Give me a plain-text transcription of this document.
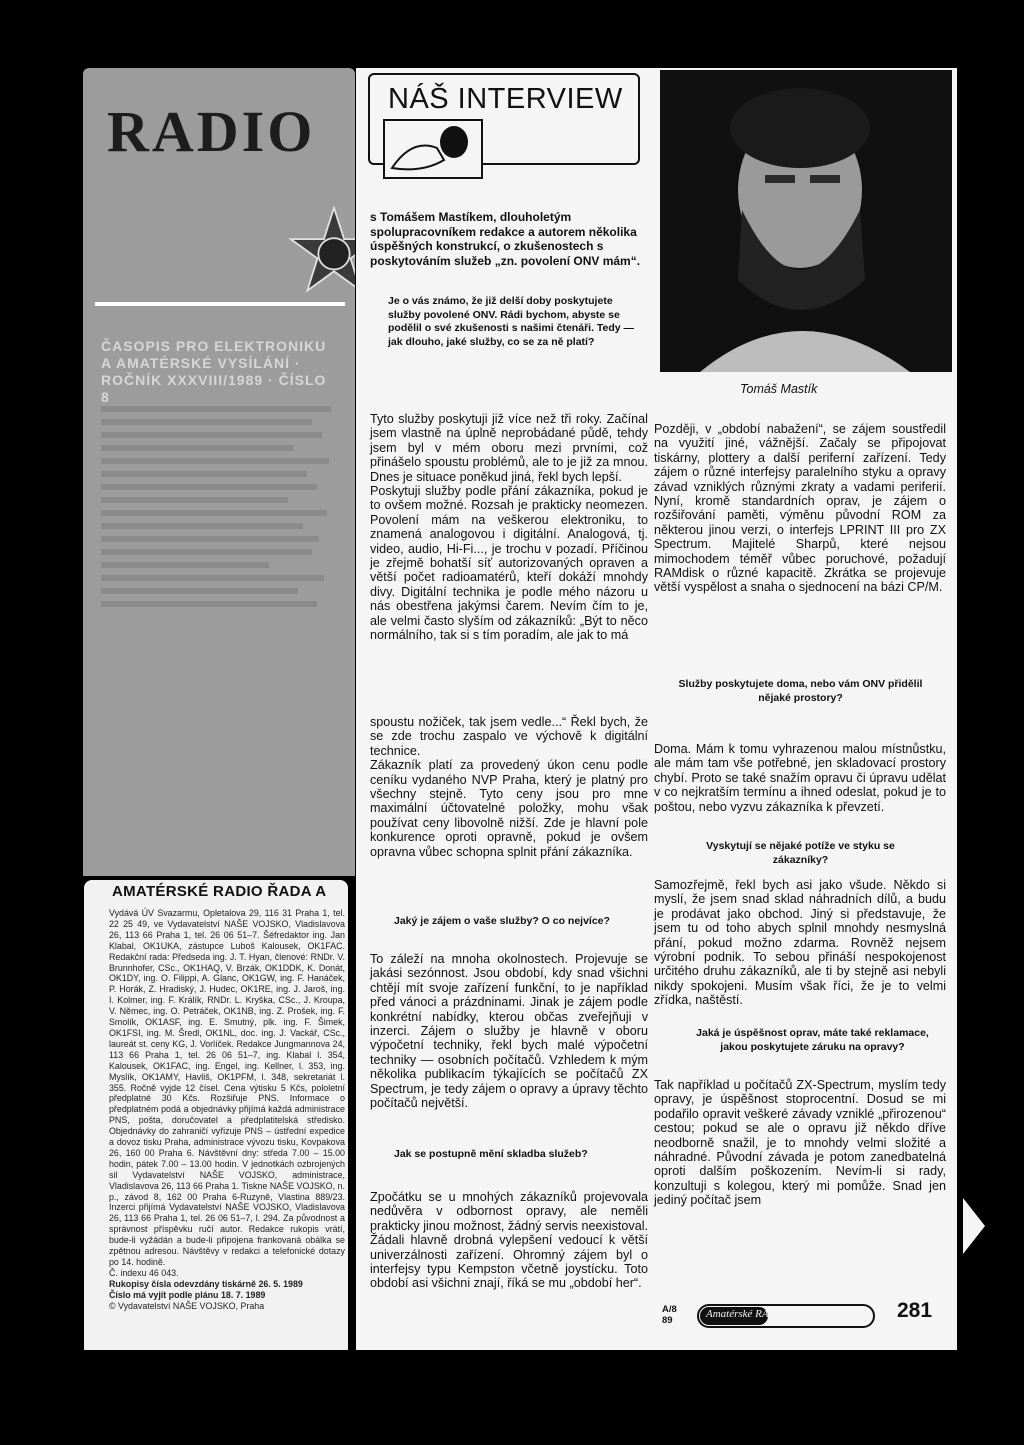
RADIO
ČASOPIS PRO ELEKTRONIKU A AMATÉRSKÉ VYSÍLÁNÍ · ROČNÍK XXXVIII/1989 · ČÍSLO 8
AMATÉRSKÉ RADIO ŘADA A
Vydává ÚV Svazarmu, Opletalova 29, 116 31 Praha 1, tel. 22 25 49, ve Vydavatelství NAŠE VOJSKO, Vladislavova 26, 113 66 Praha 1, tel. 26 06 51–7. Šéfredaktor ing. Jan Klabal, OK1UKA, zástupce Luboš Kalousek, OK1FAC. Redakční rada: Předseda ing. J. T. Hyan, členové: RNDr. V. Brunnhofer, CSc., OK1HAQ, V. Brzák, OK1DDK, K. Donát, OK1DY, ing. O. Filippi, A. Glanc, OK1GW, ing. F. Hanáček, P. Horák, Z. Hradiský, J. Hudec, OK1RE, ing. J. Jaroš, ing. I. Kolmer, ing. F. Králík, RNDr. L. Kryška, CSc., J. Kroupa, V. Němec, ing. O. Petráček, OK1NB, ing. Z. Prošek, ing. F. Smolík, OK1ASF, ing. E. Smutný, plk. ing. F. Šimek, OK1FSI, ing. M. Šredl, OK1NL, doc. ing. J. Vackář, CSc., laureát st. ceny KG, J. Vorlíček. Redakce Jungmannova 24, 113 66 Praha 1, tel. 26 06 51–7, ing. Klabal l. 354, Kalousek, OK1FAC, ing. Engel, ing. Kellner, l. 353, ing. Myslík, OK1AMY, Havliš, OK1PFM, l. 348, sekretariát l. 355. Ročně vyjde 12 čísel. Cena výtisku 5 Kčs, pololetní předplatné 30 Kčs. Rozšiřuje PNS. Informace o předplatném podá a objednávky přijímá každá administrace PNS, pošta, doručovatel a předplatitelská středisko. Objednávky do zahraničí vyřizuje PNS – ústřední expedice a dovoz tisku Praha, administrace vývozu tisku, Kovpakova 26, 160 00 Praha 6. Návštěvní dny: středa 7.00 – 15.00 hodin, pátek 7.00 – 13.00 hodin. V jednotkách ozbrojených sil Vydavatelství NAŠE VOJSKO, administrace, Vladislavova 26, 113 66 Praha 1. Tiskne NAŠE VOJSKO, n. p., závod 8, 162 00 Praha 6-Ruzyně, Vlastina 889/23. Inzerci přijímá Vydavatelství NAŠE VOJSKO, Vladislavova 26, 113 66 Praha 1, tel. 26 06 51–7, l. 294. Za původnost a správnost příspěvku ručí autor. Redakce rukopis vrátí, bude-li vyžádán a bude-li připojena frankovaná obálka se zpětnou adresou. Návštěvy v redakci a telefonické dotazy po 14. hodině.
Č. indexu 46 043.
Rukopisy čísla odevzdány tiskárně 26. 5. 1989
Číslo má vyjít podle plánu 18. 7. 1989
© Vydavatelství NAŠE VOJSKO, Praha
NÁŠ INTERVIEW
s Tomášem Mastíkem, dlouholetým spolupracovníkem redakce a autorem několika úspěšných konstrukcí, o zkušenostech s poskytováním služeb „zn. povolení ONV mám“.
Je o vás známo, že již delší doby poskytujete služby povolené ONV. Rádi bychom, abyste se podělil o své zkušenosti s našimi čtenáři. Tedy — jak dlouho, jaké služby, co se za ně platí?

Tyto služby poskytuji již více než tři roky. Začínal jsem vlastně na úplně neprobádané půdě, tehdy jsem byl v mém oboru mezi prvními, což přinášelo spoustu problémů, ale to je již za mnou. Dnes je situace poněkud jiná, řekl bych lepší.

Poskytuji služby podle přání zákazníka, pokud je to ovšem možné. Rozsah je prakticky neomezen. Povolení mám na veškerou elektroniku, to znamená analogovou i digitální. Analogová, tj. video, audio, Hi-Fi..., je trochu v pozadí. Příčinou je zřejmě bohatší síť autorizovaných opraven a větší počet radioamatérů, kteří dokáží mnohdy divy. Digitální technika je podle mého názoru u nás obestřena jakýmsi čarem. Nevím čím to je, ale velmi často slyším od zákazníků: „Být to něco normálního, tak si s tím poradím, ale jak to má

spoustu nožiček, tak jsem vedle...“ Řekl bych, že se zde trochu zaspalo ve výchově k digitální technice.

Zákazník platí za provedený úkon cenu podle ceníku vydaného NVP Praha, který je platný pro všechny stejně. Tyto ceny jsou pro mne maximální účtovatelné položky, mohu však používat ceny libovolně nižší. Zde je hlavní pole konkurence oproti opravně, pokud je ovšem opravna vůbec schopna splnit přání zákazníka.

Jaký je zájem o vaše služby? O co nejvíce?
To záleží na mnoha okolnostech. Projevuje se jakási sezónnost. Jsou období, kdy snad všichni chtějí mít svoje zařízení funkční, to je například před vánoci a prázdninami. Jinak je zájem podle konkrétní nabídky, kterou občas zveřejňuji v inzerci. Zájem o služby je hlavně v oboru výpočetní techniky, řekl bych malé výpočetní techniky — osobních počítačů. Vzhledem k mým několika publikacím týkajících se počítačů ZX Spectrum, je tedy zájem o opravy a úpravy těchto počítačů největší.
Jak se postupně mění skladba služeb?
Zpočátku se u mnohých zákazníků projevovala nedůvěra v odbornost opravy, ale neměli prakticky jinou možnost, žádný servis neexistoval. Žádali hlavně drobná vylepšení vedoucí k větší univerzálnosti zařízení. Ohromný zájem byl o interfejsy typu Kempston včetně joystícku. Toto období asi všichni znají, říká se mu „období her“.
Tomáš Mastík
Později, v „období nabažení“, se zájem soustředil na využití jiné, vážnější. Začaly se připojovat tiskárny, plottery a další periferní zařízení. Tedy zájem o různé interfejsy paralelního styku a opravy závad vzniklých různými zkraty a vadami periferií. Nyní, kromě standardních oprav, je zájem o rozšiřování paměti, výměnu původní ROM za některou jinou verzi, o interfejs LPRINT III pro ZX Spectrum. Majitelé Sharpů, které nejsou mimochodem téměř vůbec poruchové, požadují RAMdisk o různé kapacitě. Zkrátka se projevuje větší vyspělost a snaha o sjednocení na bázi CP/M.
Služby poskytujete doma, nebo vám ONV přidělil nějaké prostory?
Doma. Mám k tomu vyhrazenou malou místnůstku, ale mám tam vše potřebné, jen skladovací prostory chybí. Proto se také snažím opravu či úpravu udělat v co nejkratším termínu a ihned odeslat, pokud je to poštou, nebo vyzvu zákazníka k převzetí.
Vyskytují se nějaké potíže ve styku se zákazníky?
Samozřejmě, řekl bych asi jako všude. Někdo si myslí, že jsem snad sklad náhradních dílů, a budu je prodávat jako obchod. Jiný si představuje, že jsem tu od toho abych splnil mnohdy nesmyslná přání, pokud možno zdarma. Rovněž nejsem výrobní podnik. To sebou přináší nespokojenost určitého druhu zákazníků, ale ti by stejně asi nebyli nikdy spokojeni. Musím však říci, že je to velmi zřídka, naštěstí.
Jaká je úspěšnost oprav, máte také reklamace, jakou poskytujete záruku na opravy?
Tak například u počítačů ZX-Spectrum, myslím tedy opravy, je úspěšnost stoprocentní. Dosud se mi podařilo opravit veškeré závady vzniklé „přirozenou“ cestou; pokud se ale o opravu již někdo dříve neodborně snažil, je to mnohdy velmi složité a náhradné. Původní závada je potom zanedbatelná oproti dalším poškozením. Nevím-li si rady, konzultuji s kolegou, který mi pomůže. Snad jen jediný počítač jsem
A/8
89
Amatérské RADIO	281
